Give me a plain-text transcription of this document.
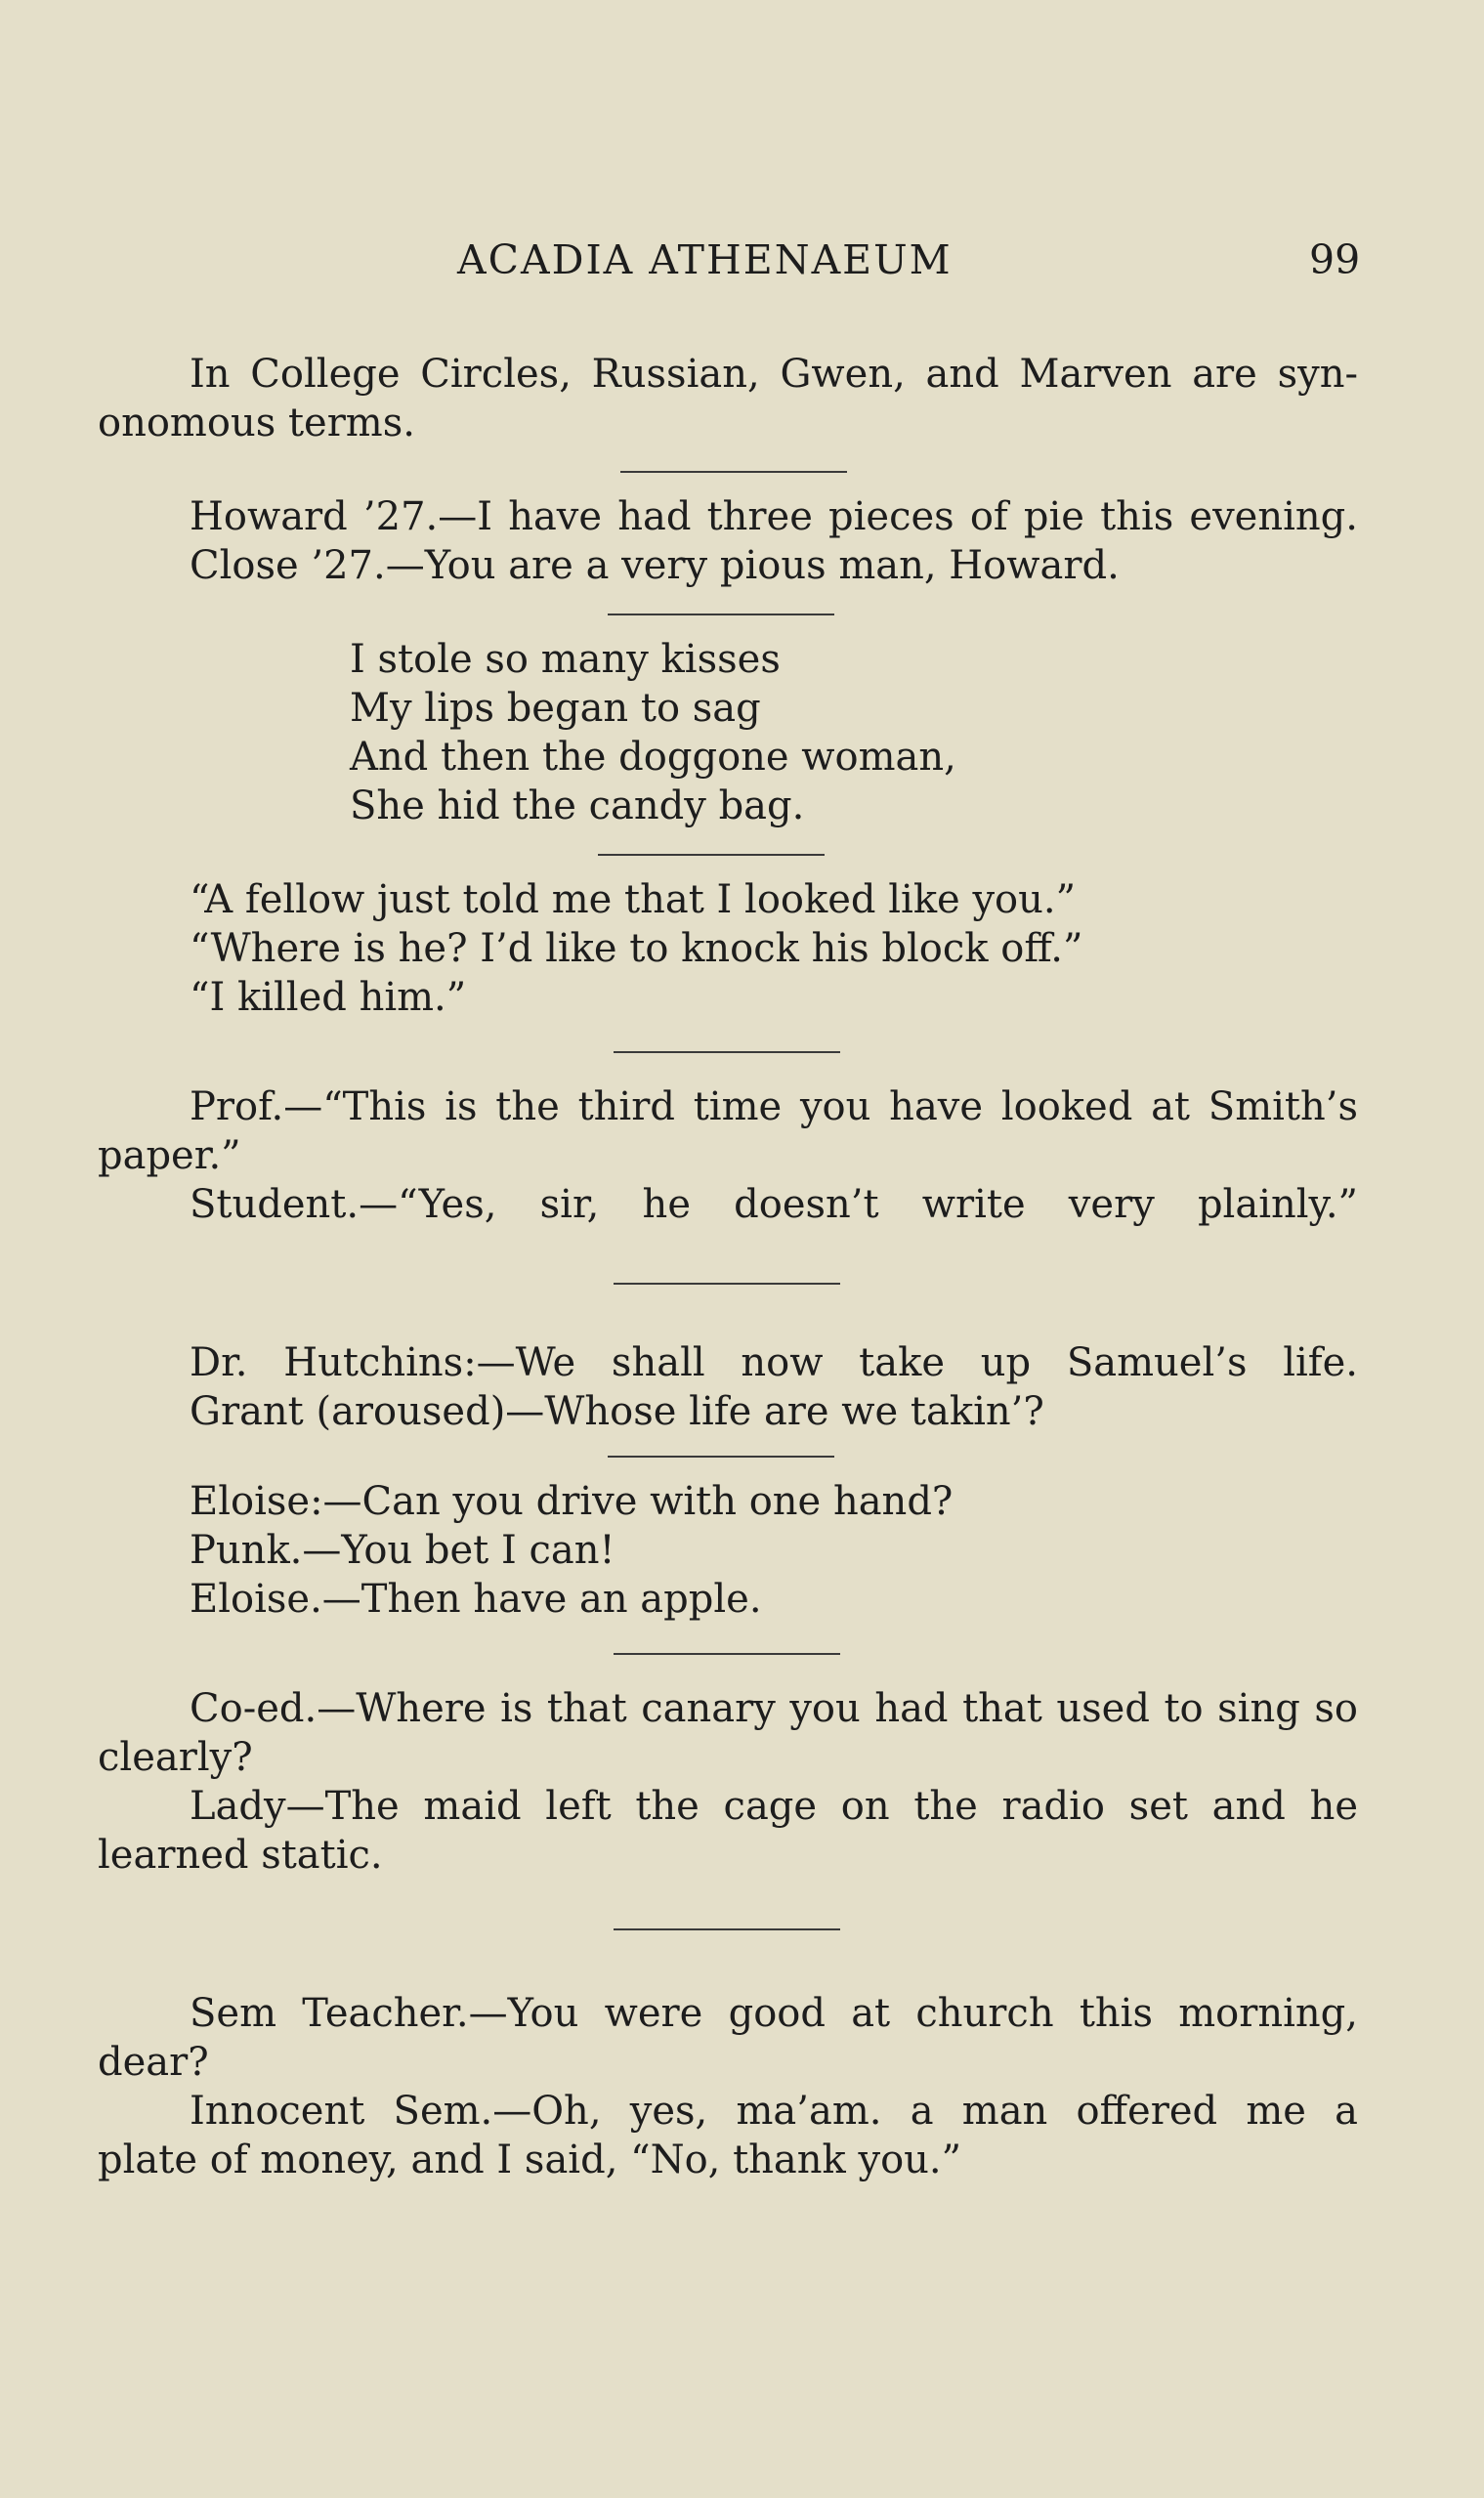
ACADIA ATHENAEUM	99

In College Circles, Russian, Gwen, and Marven are syn-

onomous terms.

Howard ’27.—I have had three pieces of pie this evening.

Close ’27.—You are a very pious man, Howard.

I stole so many kisses

My lips began to sag

And then the doggone woman,

She hid the candy bag.

“A fellow just told me that I looked like you.”

“Where is he? I’d like to knock his block off.”

“I killed him.”

Prof.—“This is the third time you have looked at Smith’s

paper.”

Student.—“Yes, sir, he doesn’t write very plainly.”

Dr. Hutchins:—We shall now take up Samuel’s life.

Grant (aroused)—Whose life are we takin’?

Eloise:—Can you drive with one hand?

Punk.—You bet I can!

Eloise.—Then have an apple.

Co-ed.—Where is that canary you had that used to sing so

clearly?

Lady—The maid left the cage on the radio set and he

learned static.

Sem Teacher.—You were good at church this morning,

dear?

Innocent Sem.—Oh, yes, ma’am. a man offered me a

plate of money, and I said, “No, thank you.”
